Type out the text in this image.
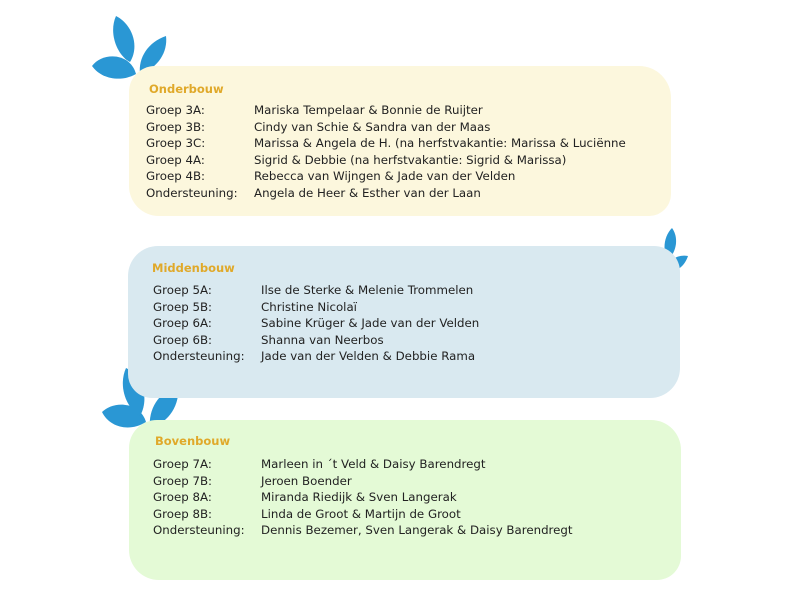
Onderbouw
Groep 3A:	Mariska Tempelaar & Bonnie de Ruijter
Groep 3B:	Cindy van Schie & Sandra van der Maas
Groep 3C:	Marissa & Angela de H. (na herfstvakantie: Marissa & Luciënne
Groep 4A:	Sigrid & Debbie (na herfstvakantie: Sigrid & Marissa)
Groep 4B:	Rebecca van Wijngen & Jade van der Velden
Ondersteuning: Angela de Heer & Esther van der Laan
Middenbouw
Groep 5A:	Ilse de Sterke & Melenie Trommelen
Groep 5B:	Christine Nicolaï
Groep 6A:	Sabine Krüger & Jade van der Velden
Groep 6B:	Shanna van Neerbos
Ondersteuning: Jade van der Velden & Debbie Rama
Bovenbouw
Groep 7A:	Marleen in ´t Veld & Daisy Barendregt
Groep 7B:	Jeroen Boender
Groep 8A:	Miranda Riedijk & Sven Langerak
Groep 8B:	Linda de Groot & Martijn de Groot
Ondersteuning: Dennis Bezemer, Sven Langerak & Daisy Barendregt
